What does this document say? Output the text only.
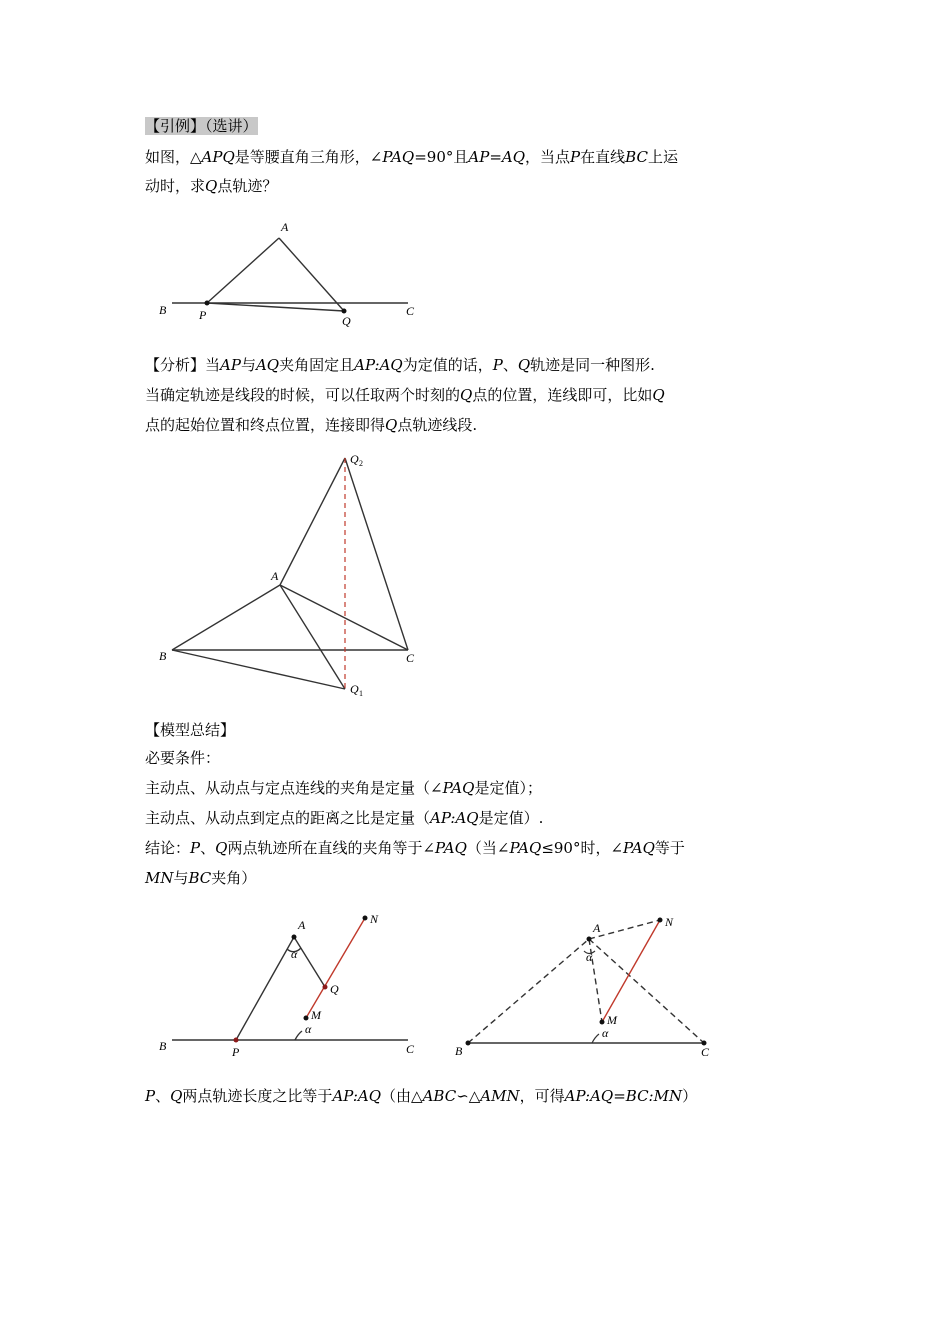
【引例】（选讲）

如图，△APQ是等腰直角三角形，∠PAQ=90°且AP=AQ，当点P在直线BC上运

动时，求Q点轨迹？

A
B	P	Q
C

【分析】当AP与AQ夹角固定且AP:AQ为定值的话，P、Q轨迹是同一种图形.

当确定轨迹是线段的时候，可以任取两个时刻的Q点的位置，连线即可，比如Q

点的起始位置和终点位置，连接即得Q点轨迹线段.

A
B	C
Q 2
Q 1

【模型总结】

必要条件：

主动点、从动点与定点连线的夹角是定量（∠PAQ是定值）；

主动点、从动点到定点的距离之比是定量（AP:AQ是定值）.

结论：P、Q两点轨迹所在直线的夹角等于∠PAQ（当∠PAQ≤90°时，∠PAQ等于

MN与BC夹角）

A
α
Q
M
α
N
B	P	C
A
α
N
M
α
B	C

P、Q两点轨迹长度之比等于AP:AQ（由△ABC∽△AMN，可得AP:AQ=BC:MN）
